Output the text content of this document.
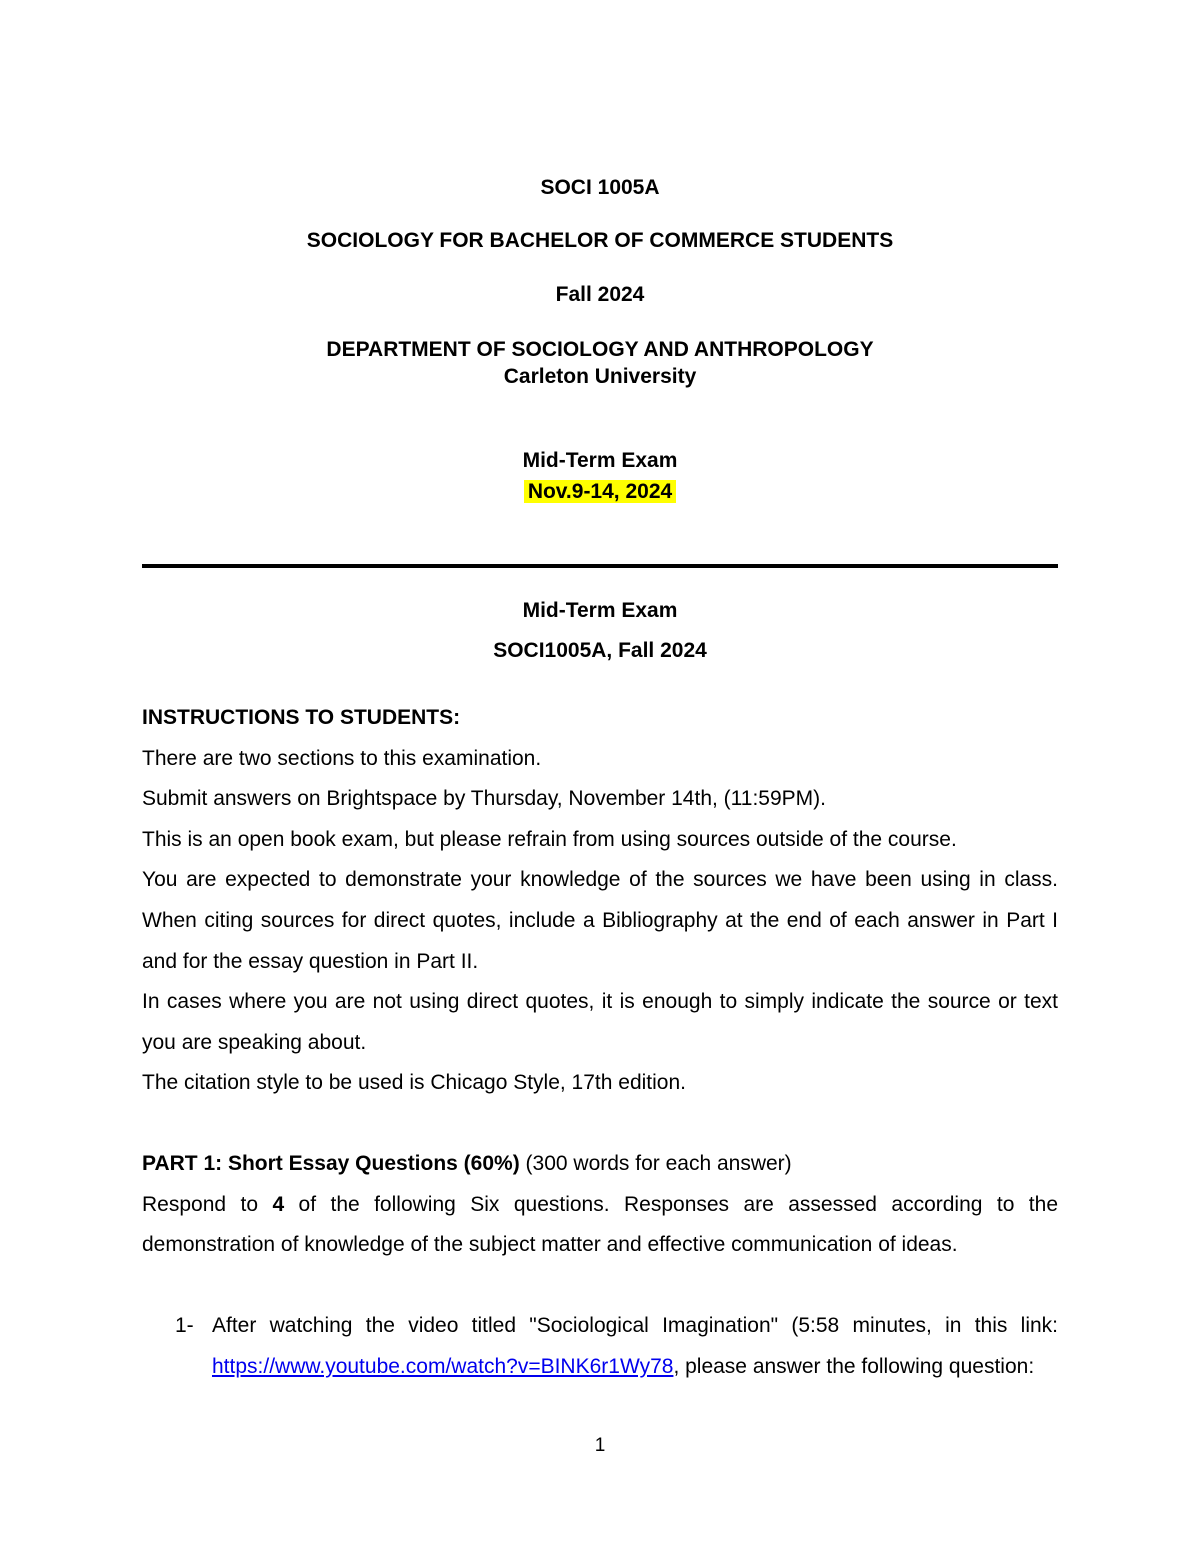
SOCI 1005A
SOCIOLOGY FOR BACHELOR OF COMMERCE STUDENTS
Fall 2024
DEPARTMENT OF SOCIOLOGY AND ANTHROPOLOGY
Carleton University
Mid-Term Exam
Nov.9-14, 2024
Mid-Term Exam
SOCI1005A, Fall 2024

INSTRUCTIONS TO STUDENTS:

There are two sections to this examination.

Submit answers on Brightspace by Thursday, November 14th, (11:59PM).

This is an open book exam, but please refrain from using sources outside of the course.

You are expected to demonstrate your knowledge of the sources we have been using in class. When citing sources for direct quotes, include a Bibliography at the end of each answer in Part I and for the essay question in Part II.

In cases where you are not using direct quotes, it is enough to simply indicate the source or text you are speaking about.

The citation style to be used is Chicago Style, 17th edition.

PART 1: Short Essay Questions (60%) (300 words for each answer)

Respond to 4 of the following Six questions. Responses are assessed according to the demonstration of knowledge of the subject matter and effective communication of ideas.

1- After watching the video titled "Sociological Imagination" (5:58 minutes, in this link: https://www.youtube.com/watch?v=BINK6r1Wy78, please answer the following question:
1
